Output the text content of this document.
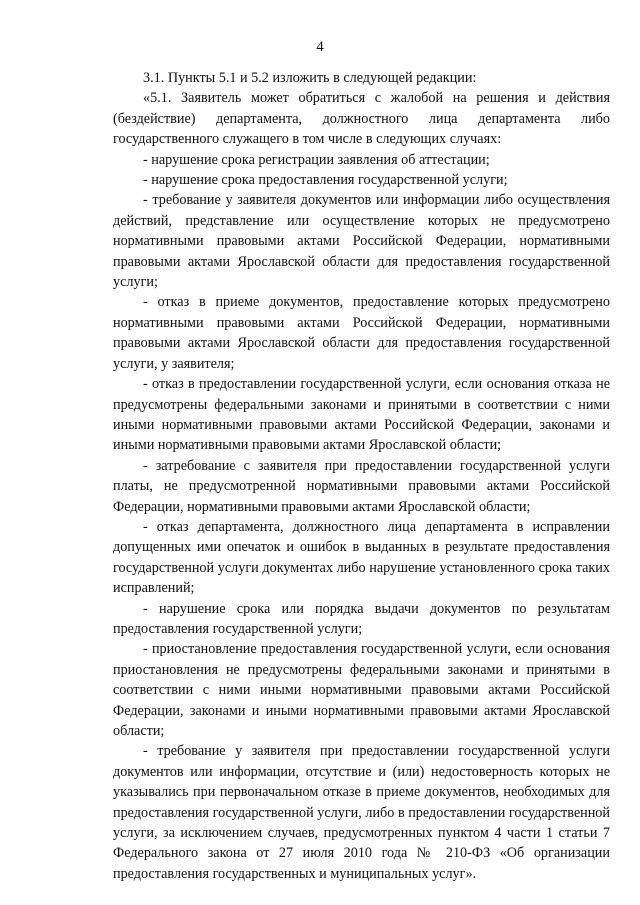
4

3.1. Пункты 5.1 и 5.2 изложить в следующей редакции:

«5.1. Заявитель может обратиться с жалобой на решения и действия (бездействие) департамента, должностного лица департамента либо государственного служащего в том числе в следующих случаях:

- нарушение срока регистрации заявления об аттестации;

- нарушение срока предоставления государственной услуги;

- требование у заявителя документов или информации либо осуществления действий, представление или осуществление которых не предусмотрено нормативными правовыми актами Российской Федерации, нормативными правовыми актами Ярославской области для предоставления государственной услуги;

- отказ в приеме документов, предоставление которых предусмотрено нормативными правовыми актами Российской Федерации, нормативными правовыми актами Ярославской области для предоставления государственной услуги, у заявителя;

- отказ в предоставлении государственной услуги, если основания отказа не предусмотрены федеральными законами и принятыми в соответствии с ними иными нормативными правовыми актами Российской Федерации, законами и иными нормативными правовыми актами Ярославской области;

- затребование с заявителя при предоставлении государственной услуги платы, не предусмотренной нормативными правовыми актами Российской Федерации, нормативными правовыми актами Ярославской области;

- отказ департамента, должностного лица департамента в исправлении допущенных ими опечаток и ошибок в выданных в результате предоставления государственной услуги документах либо нарушение установленного срока таких исправлений;

- нарушение срока или порядка выдачи документов по результатам предоставления государственной услуги;

- приостановление предоставления государственной услуги, если основания приостановления не предусмотрены федеральными законами и принятыми в соответствии с ними иными нормативными правовыми актами Российской Федерации, законами и иными нормативными правовыми актами Ярославской области;

- требование у заявителя при предоставлении государственной услуги документов или информации, отсутствие и (или) недостоверность которых не указывались при первоначальном отказе в приеме документов, необходимых для предоставления государственной услуги, либо в предоставлении государственной услуги, за исключением случаев, предусмотренных пунктом 4 части 1 статьи 7 Федерального закона от 27 июля 2010 года № 210-ФЗ «Об организации предоставления государственных и муниципальных услуг».
